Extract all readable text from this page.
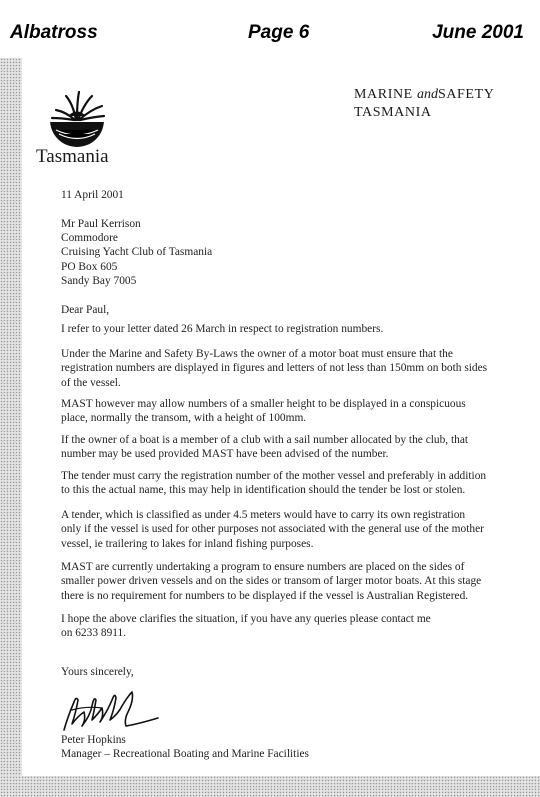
Albatross	Page 6	June 2001
Tasmania
MARINE andSAFETY
TASMANIA
11 April 2001
Mr Paul Kerrison
Commodore
Cruising Yacht Club of Tasmania
PO Box 605
Sandy Bay 7005
Dear Paul,
I refer to your letter dated 26 March in respect to registration numbers.
Under the Marine and Safety By-Laws the owner of a motor boat must ensure that the
registration numbers are displayed in figures and letters of not less than 150mm on both sides
of the vessel.
MAST however may allow numbers of a smaller height to be displayed in a conspicuous
place, normally the transom, with a height of 100mm.
If the owner of a boat is a member of a club with a sail number allocated by the club, that
number may be used provided MAST have been advised of the number.
The tender must carry the registration number of the mother vessel and preferably in addition
to this the actual name, this may help in identification should the tender be lost or stolen.
A tender, which is classified as under 4.5 meters would have to carry its own registration
only if the vessel is used for other purposes not associated with the general use of the mother
vessel, ie trailering to lakes for inland fishing purposes.
MAST are currently undertaking a program to ensure numbers are placed on the sides of
smaller power driven vessels and on the sides or transom of larger motor boats. At this stage
there is no requirement for numbers to be displayed if the vessel is Australian Registered.
I hope the above clarifies the situation, if you have any queries please contact me
on 6233 8911.
Yours sincerely,
Peter Hopkins
Manager – Recreational Boating and Marine Facilities
